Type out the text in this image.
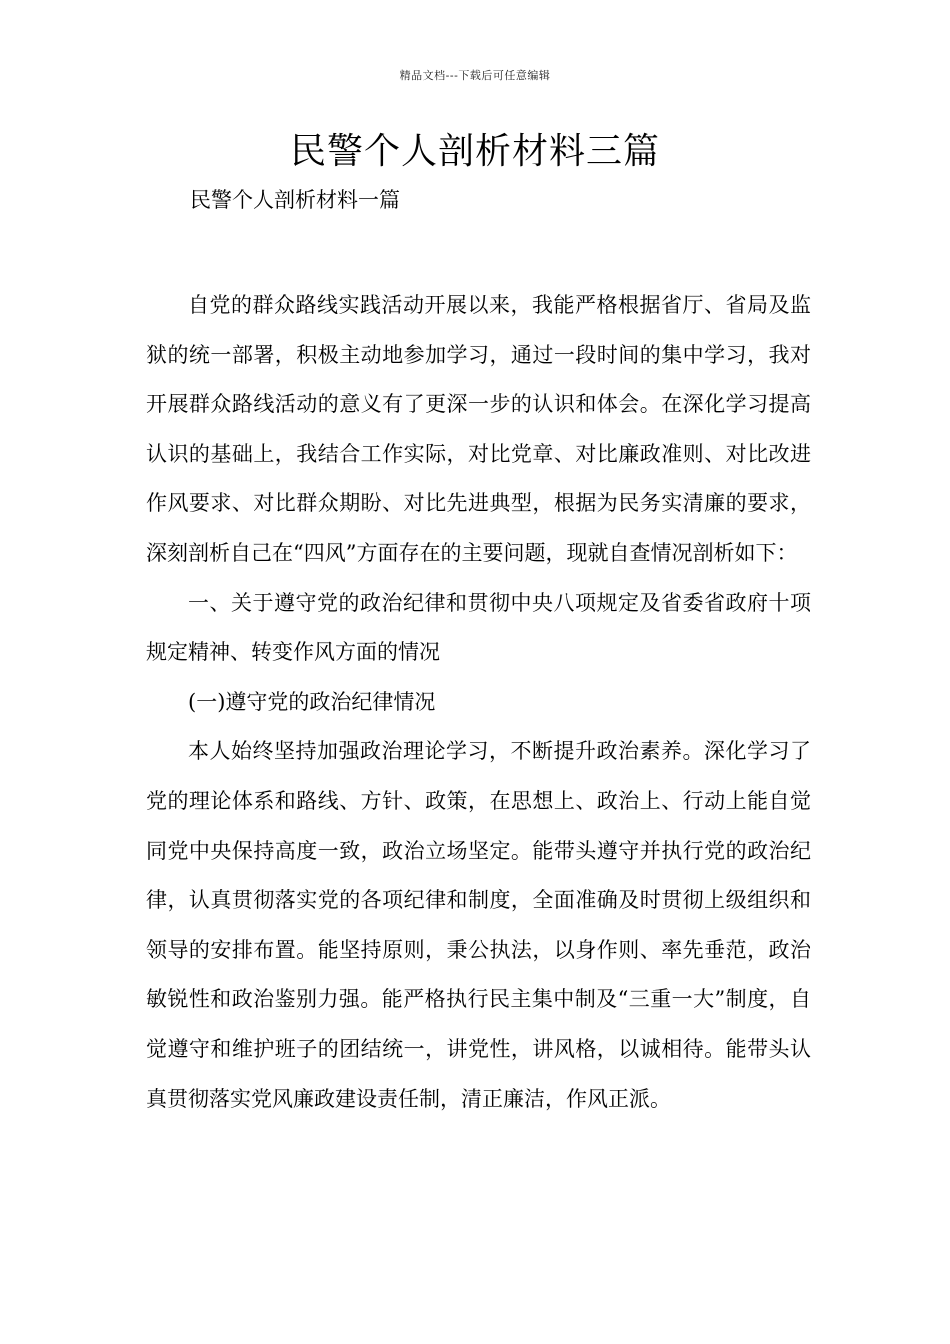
精品文档---下载后可任意编辑
民警个人剖析材料三篇
民警个人剖析材料一篇

自党的群众路线实践活动开展以来，我能严格根据省厅、省局及监狱的统一部署，积极主动地参加学习，通过一段时间的集中学习，我对开展群众路线活动的意义有了更深一步的认识和体会。在深化学习提高认识的基础上，我结合工作实际，对比党章、对比廉政准则、对比改进作风要求、对比群众期盼、对比先进典型，根据为民务实清廉的要求，深刻剖析自己在“四风”方面存在的主要问题，现就自查情况剖析如下：

一、关于遵守党的政治纪律和贯彻中央八项规定及省委省政府十项规定精神、转变作风方面的情况

(一)遵守党的政治纪律情况

本人始终坚持加强政治理论学习，不断提升政治素养。深化学习了党的理论体系和路线、方针、政策，在思想上、政治上、行动上能自觉同党中央保持高度一致，政治立场坚定。能带头遵守并执行党的政治纪律，认真贯彻落实党的各项纪律和制度，全面准确及时贯彻上级组织和领导的安排布置。能坚持原则，秉公执法，以身作则、率先垂范，政治敏锐性和政治鉴别力强。能严格执行民主集中制及“三重一大”制度，自觉遵守和维护班子的团结统一，讲党性，讲风格，以诚相待。能带头认真贯彻落实党风廉政建设责任制，清正廉洁，作风正派。
